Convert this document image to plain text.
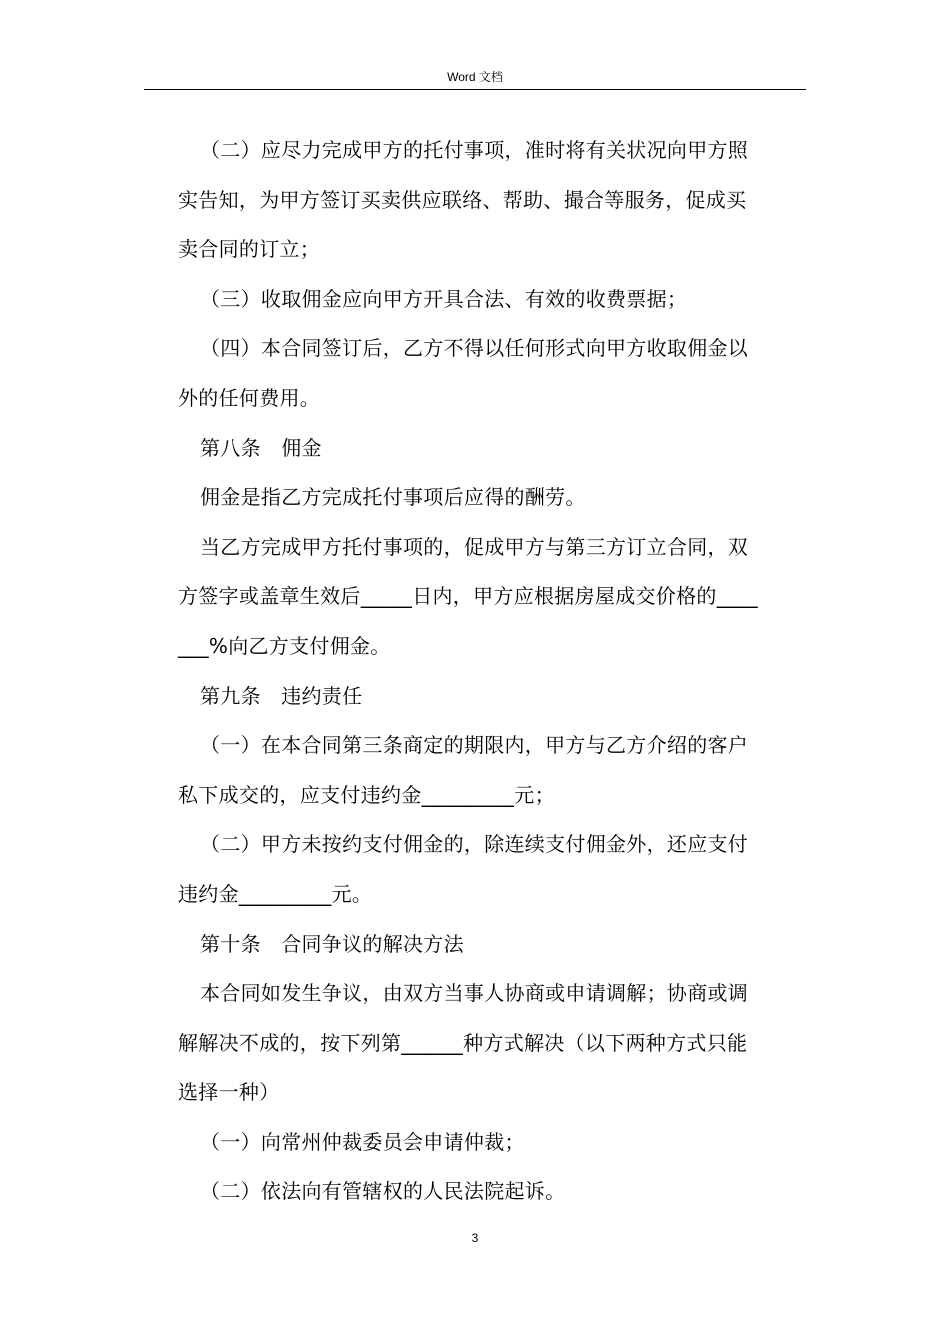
Word 文档

（二）应尽力完成甲方的托付事项，准时将有关状况向甲方照

实告知，为甲方签订买卖供应联络、帮助、撮合等服务，促成买

卖合同的订立；

（三）收取佣金应向甲方开具合法、有效的收费票据；

（四）本合同签订后，乙方不得以任何形式向甲方收取佣金以

外的任何费用。

第八条　佣金

佣金是指乙方完成托付事项后应得的酬劳。

当乙方完成甲方托付事项的，促成甲方与第三方订立合同，双

方签字或盖章生效后_____日内，甲方应根据房屋成交价格的____

___%向乙方支付佣金。

第九条　违约责任

（一）在本合同第三条商定的期限内，甲方与乙方介绍的客户

私下成交的，应支付违约金_________元；

（二）甲方未按约支付佣金的，除连续支付佣金外，还应支付

违约金_________元。

第十条　合同争议的解决方法

本合同如发生争议，由双方当事人协商或申请调解；协商或调

解解决不成的，按下列第______种方式解决（以下两种方式只能

选择一种）

（一）向常州仲裁委员会申请仲裁；

（二）依法向有管辖权的人民法院起诉。

3
